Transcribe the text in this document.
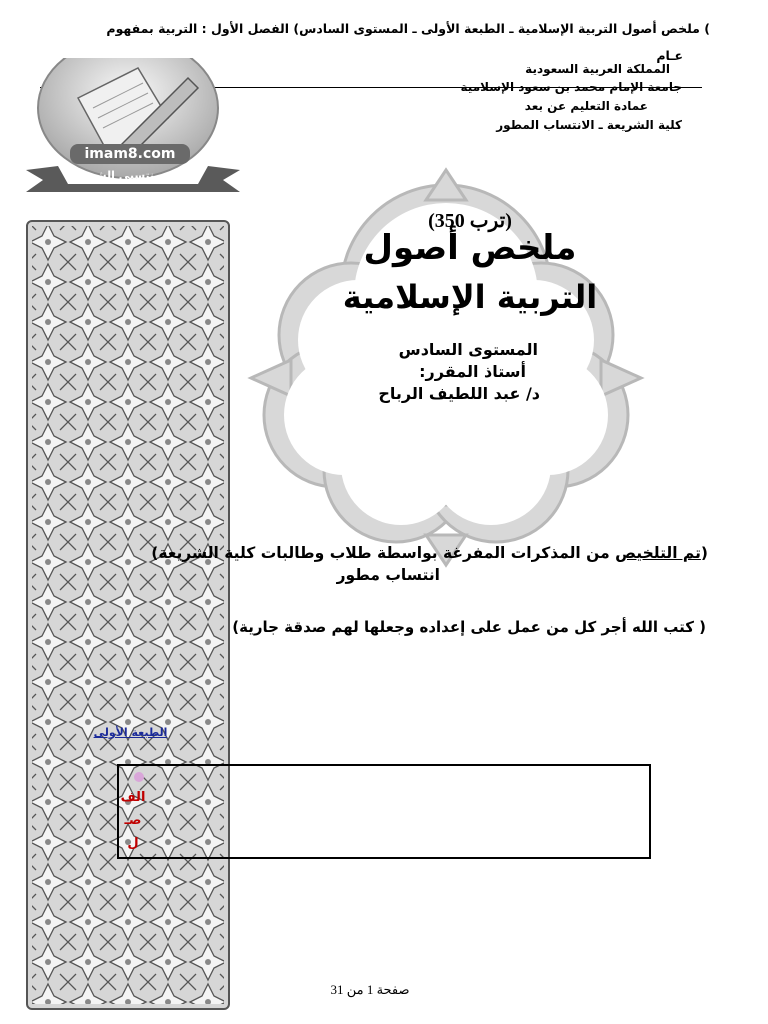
) ملخص أصول التربية الإسلامية ـ الطبعة الأولى ـ المستوى السادس) الفصل الأول : التربية بمفهوم
عـام
المملكة العربية السعودية
جامعة الإمام محمد بن سعود الإسلامية
عمادة التعليم عن بعد
كلية الشريعة ـ الانتساب المطور
imam8.com
مكتبة منتسبي الشريعة
(ترب 350)
ملخص أصول
التربية الإسلامية
المستوى السادس
أستاذ المقرر:
د/ عبد اللطيف الرباح
(تم التلخيص من المذكرات المفرغة بواسطة طلاب وطالبات كلية الشريعة)
انتساب مطور
( كتب الله أجر كل من عمل على إعداده وجعلها لهم صدقة جارية)
الطبعة الأولى
الف
صـ
ل
صفحة 1 من 31
